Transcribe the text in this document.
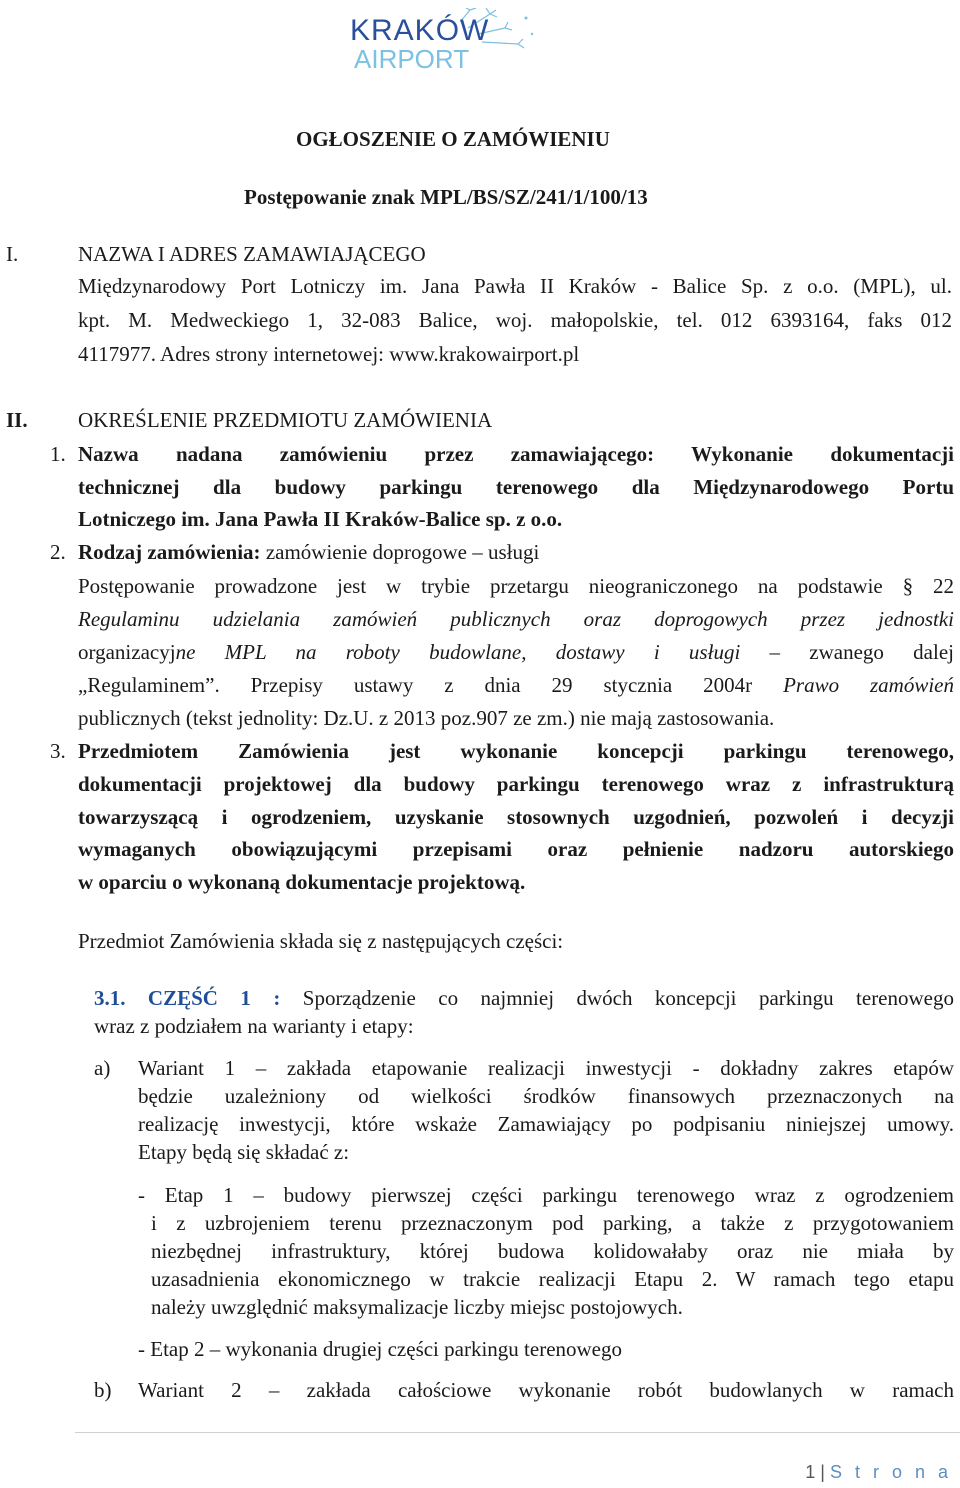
KRAKÓW
AIRPORT
OGŁOSZENIE O ZAMÓWIENIU
Postępowanie znak MPL/BS/SZ/241/1/100/13
I.	NAZWA I ADRES ZAMAWIAJĄCEGO
Międzynarodowy Port Lotniczy im. Jana Pawła II Kraków - Balice Sp. z o.o. (MPL), ul.
kpt. M. Medweckiego 1, 32-083 Balice, woj. małopolskie, tel. 012 6393164, faks 012
4117977. Adres strony internetowej: www.krakowairport.pl
II. OKREŚLENIE PRZEDMIOTU ZAMÓWIENIA
1. Nazwa nadana zamówieniu przez zamawiającego: Wykonanie dokumentacji
technicznej dla budowy parkingu terenowego dla Międzynarodowego Portu
Lotniczego im. Jana Pawła II Kraków-Balice sp. z o.o.
2. Rodzaj zamówienia: zamówienie doprogowe – usługi
Postępowanie prowadzone jest w trybie przetargu nieograniczonego na podstawie § 22
Regulaminu udzielania zamówień publicznych oraz doprogowych przez jednostki
organizacyjne MPL na roboty budowlane, dostawy i usługi – zwanego dalej
„Regulaminem”. Przepisy ustawy z dnia 29 stycznia 2004r Prawo zamówień
publicznych (tekst jednolity: Dz.U. z 2013 poz.907 ze zm.) nie mają zastosowania.
3. Przedmiotem Zamówienia jest wykonanie koncepcji parkingu terenowego,
dokumentacji projektowej dla budowy parkingu terenowego wraz z infrastrukturą
towarzyszącą i ogrodzeniem, uzyskanie stosownych uzgodnień, pozwoleń i decyzji
wymaganych obowiązującymi przepisami oraz pełnienie nadzoru autorskiego
w oparciu o wykonaną dokumentacje projektową.
Przedmiot Zamówienia składa się z następujących części:
3.1. CZĘŚĆ 1 : Sporządzenie co najmniej dwóch koncepcji parkingu terenowego
wraz z podziałem na warianty i etapy:
a) Wariant 1 – zakłada etapowanie realizacji inwestycji - dokładny zakres etapów
będzie uzależniony od wielkości środków finansowych przeznaczonych na
realizację inwestycji, które wskaże Zamawiający po podpisaniu niniejszej umowy.
Etapy będą się składać z:
- Etap 1 – budowy pierwszej części parkingu terenowego wraz z ogrodzeniem
i z uzbrojeniem terenu przeznaczonym pod parking, a także z przygotowaniem
niezbędnej infrastruktury, której budowa kolidowałaby oraz nie miała by
uzasadnienia ekonomicznego w trakcie realizacji Etapu 2. W ramach tego etapu
należy uwzględnić maksymalizacje liczby miejsc postojowych.
- Etap 2 – wykonania drugiej części parkingu terenowego
b) Wariant 2 – zakłada całościowe wykonanie robót budowlanych w ramach
1 | S t r o n a
